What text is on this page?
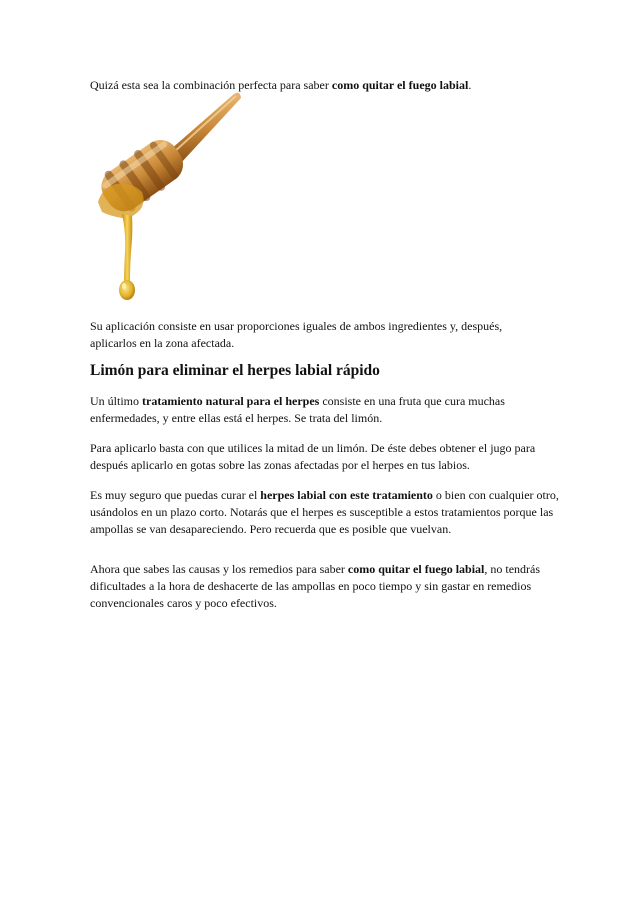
Quizá esta sea la combinación perfecta para saber como quitar el fuego labial.

Su aplicación consiste en usar proporciones iguales de ambos ingredientes y, después, aplicarlos en la zona afectada.

Limón para eliminar el herpes labial rápido

Un último tratamiento natural para el herpes consiste en una fruta que cura muchas enfermedades, y entre ellas está el herpes. Se trata del limón.

Para aplicarlo basta con que utilices la mitad de un limón. De éste debes obtener el jugo para después aplicarlo en gotas sobre las zonas afectadas por el herpes en tus labios.

Es muy seguro que puedas curar el herpes labial con este tratamiento o bien con cualquier otro, usándolos en un plazo corto. Notarás que el herpes es susceptible a estos tratamientos porque las ampollas se van desapareciendo. Pero recuerda que es posible que vuelvan.

Ahora que sabes las causas y los remedios para saber como quitar el fuego labial, no tendrás dificultades a la hora de deshacerte de las ampollas en poco tiempo y sin gastar en remedios convencionales caros y poco efectivos.
